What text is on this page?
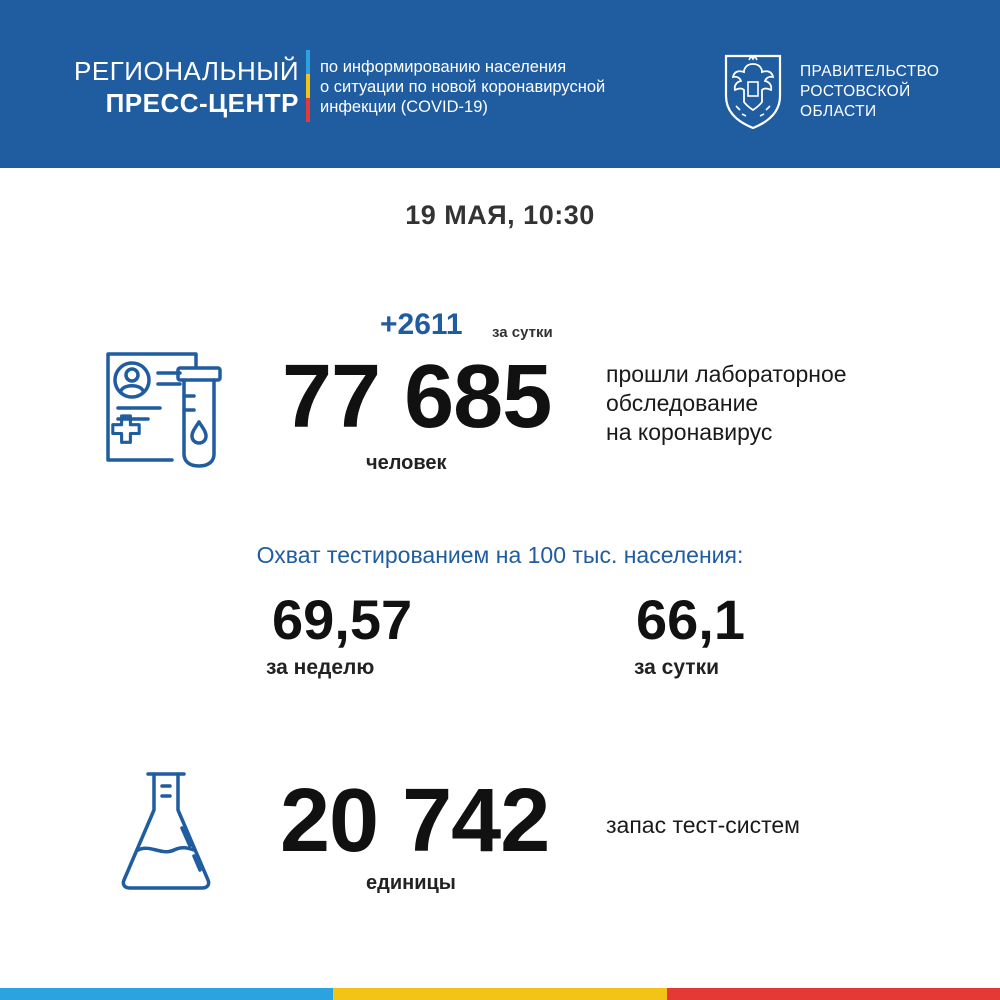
РЕГИОНАЛЬНЫЙ
ПРЕСС-ЦЕНТР
по информированию населения
о ситуации по новой коронавирусной
инфекции (COVID-19)
ПРАВИТЕЛЬСТВО
РОСТОВСКОЙ
ОБЛАСТИ
19 МАЯ, 10:30
+2611 за сутки
77 685
человек
прошли лабораторное
обследование
на коронавирус
Охват тестированием на 100 тыс. населения:
69,57
за неделю
66,1
за сутки
20 742
единицы
запас тест-систем
